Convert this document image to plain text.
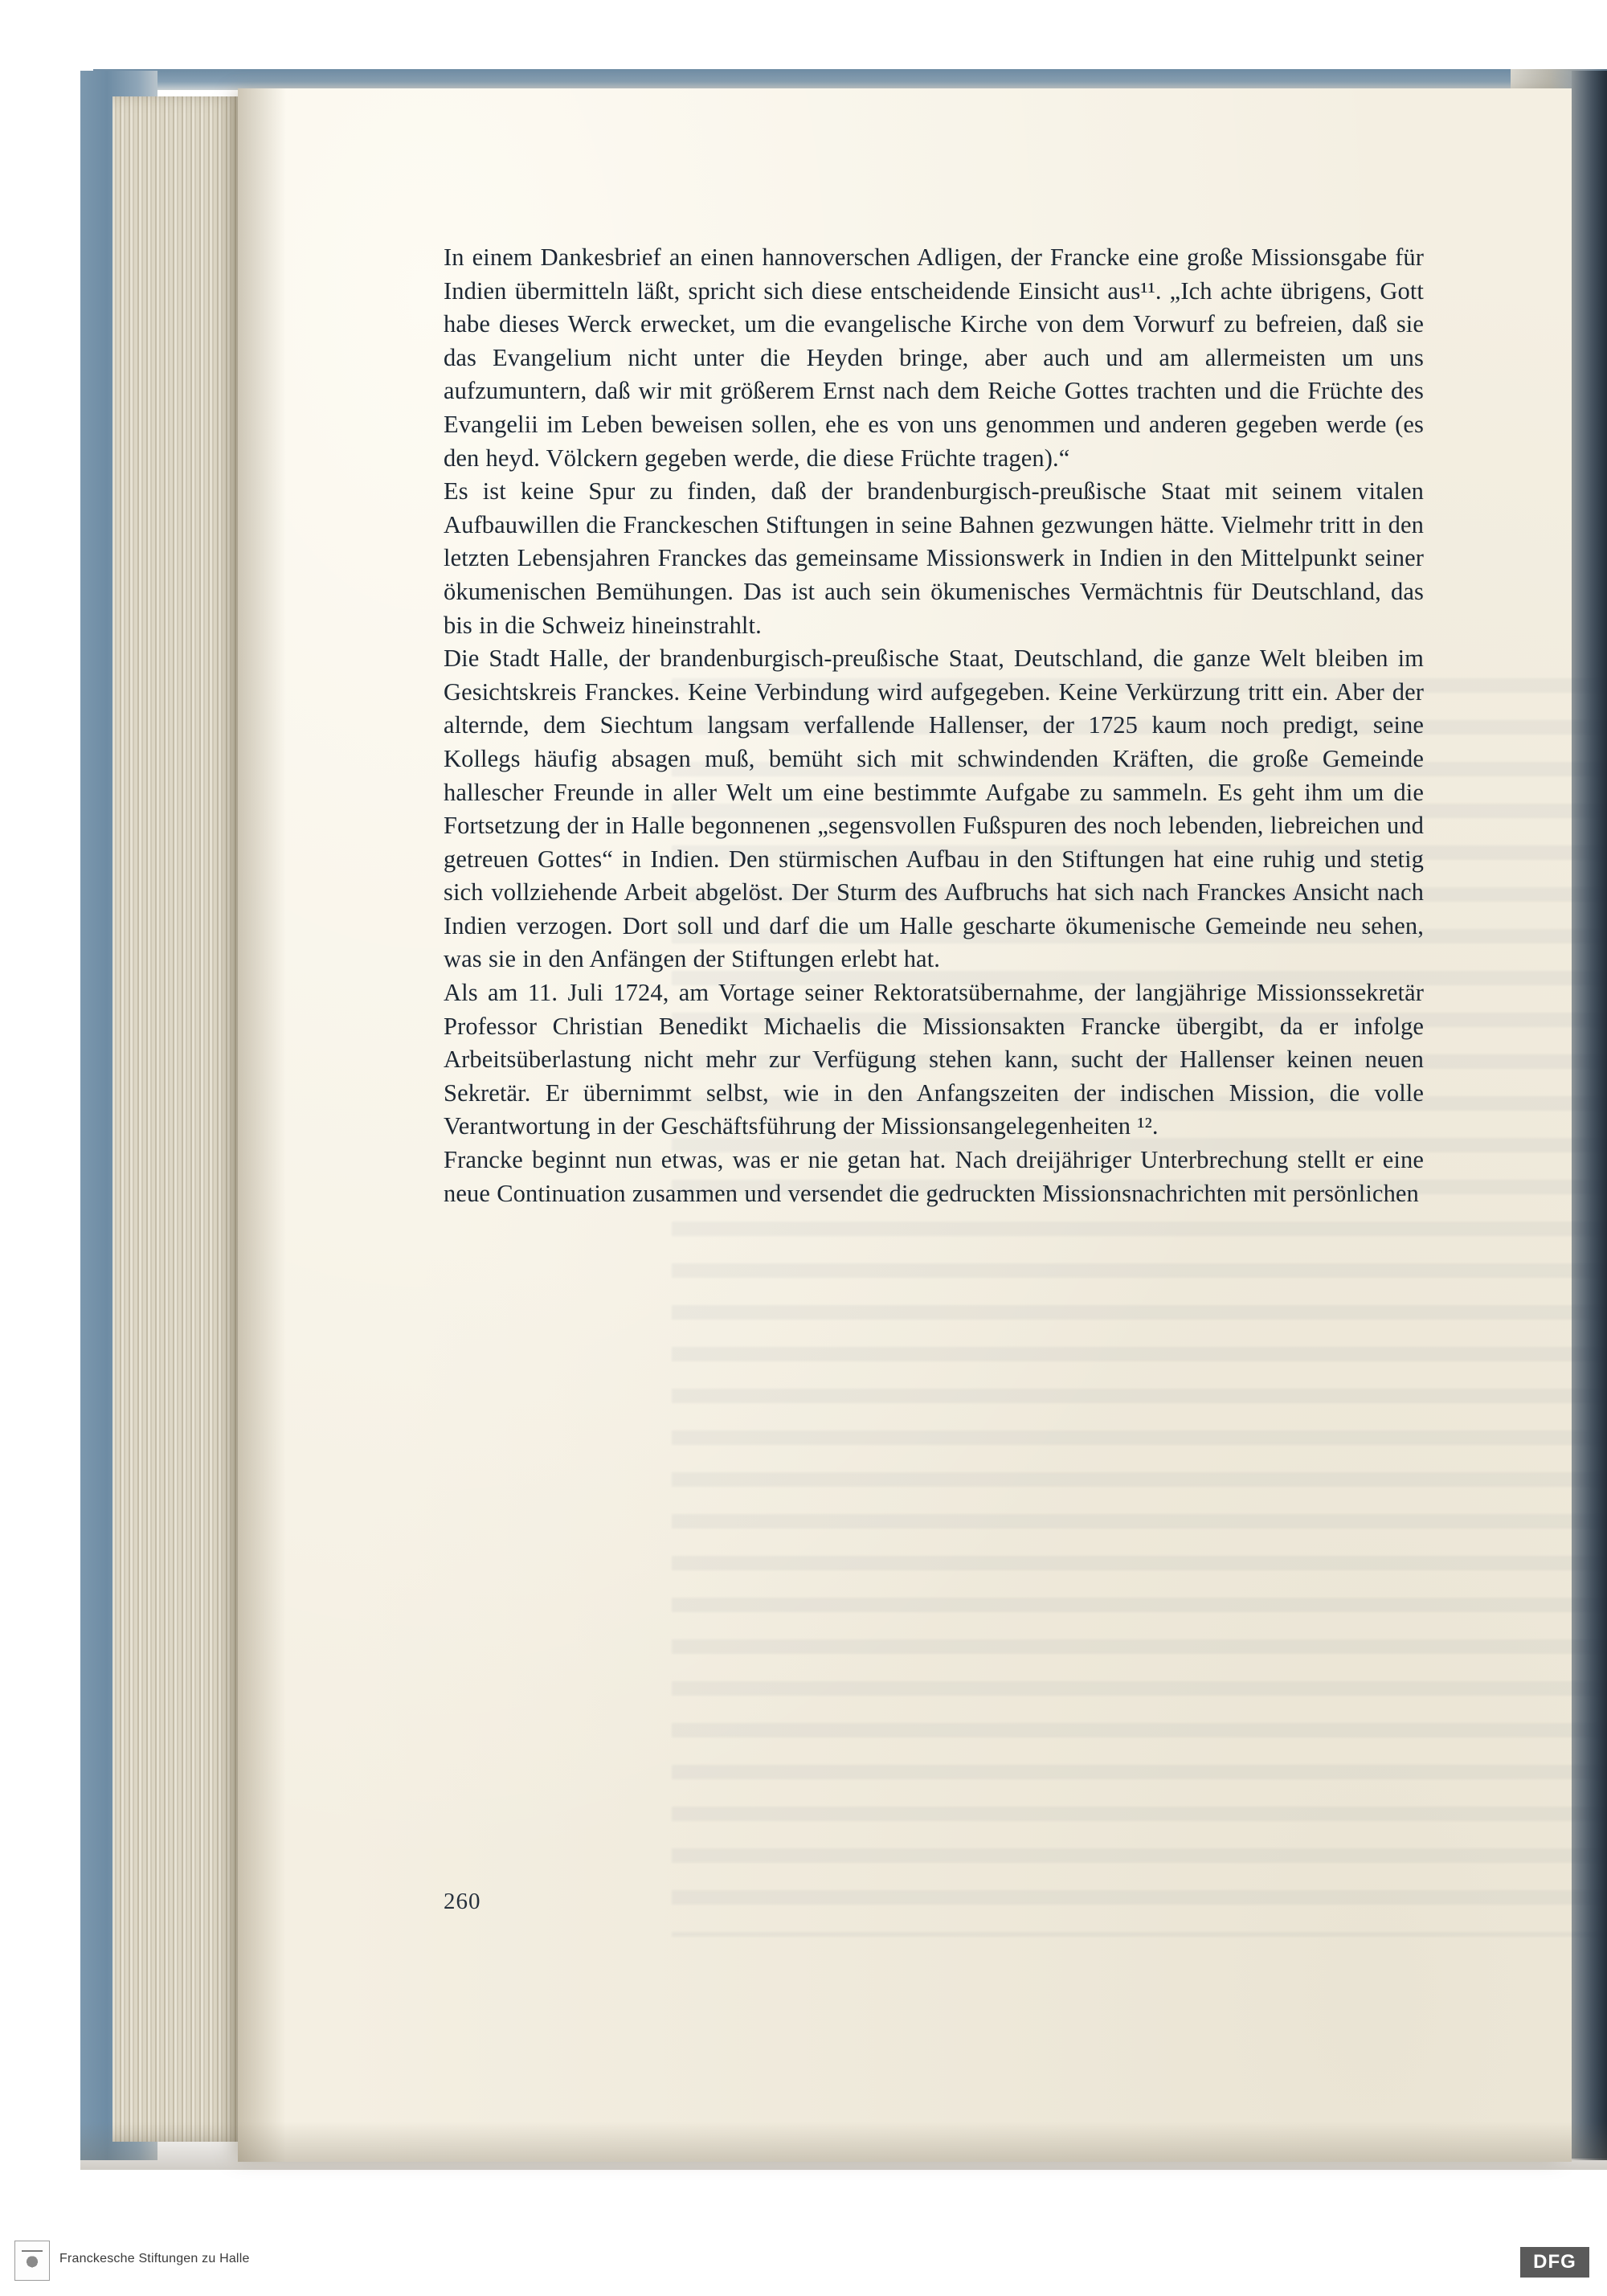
In einem Dankesbrief an einen hannoverschen Adligen, der Francke eine große Missionsgabe für Indien übermitteln läßt, spricht sich diese entscheidende Einsicht aus¹¹. „Ich achte übrigens, Gott habe dieses Werck erwecket, um die evangelische Kirche von dem Vorwurf zu befreien, daß sie das Evangelium nicht unter die Heyden bringe, aber auch und am allermeisten um uns aufzumuntern, daß wir mit größerem Ernst nach dem Reiche Gottes trachten und die Früchte des Evangelii im Leben beweisen sollen, ehe es von uns genommen und anderen gegeben werde (es den heyd. Völckern gegeben werde, die diese Früchte tragen).“

Es ist keine Spur zu finden, daß der brandenburgisch-preußische Staat mit seinem vitalen Aufbauwillen die Franckeschen Stiftungen in seine Bahnen gezwungen hätte. Vielmehr tritt in den letzten Lebensjahren Franckes das gemeinsame Missionswerk in Indien in den Mittelpunkt seiner ökumenischen Bemühungen. Das ist auch sein ökumenisches Vermächtnis für Deutschland, das bis in die Schweiz hineinstrahlt.

Die Stadt Halle, der brandenburgisch-preußische Staat, Deutschland, die ganze Welt bleiben im Gesichtskreis Franckes. Keine Verbindung wird aufgegeben. Keine Verkürzung tritt ein. Aber der alternde, dem Siechtum langsam verfallende Hallenser, der 1725 kaum noch predigt, seine Kollegs häufig absagen muß, bemüht sich mit schwindenden Kräften, die große Gemeinde hallescher Freunde in aller Welt um eine bestimmte Aufgabe zu sammeln. Es geht ihm um die Fortsetzung der in Halle begonnenen „segensvollen Fußspuren des noch lebenden, liebreichen und getreuen Gottes“ in Indien. Den stürmischen Aufbau in den Stiftungen hat eine ruhig und stetig sich vollziehende Arbeit abgelöst. Der Sturm des Aufbruchs hat sich nach Franckes Ansicht nach Indien verzogen. Dort soll und darf die um Halle gescharte ökumenische Gemeinde neu sehen, was sie in den Anfängen der Stiftungen erlebt hat.

Als am 11. Juli 1724, am Vortage seiner Rektoratsübernahme, der langjährige Missionssekretär Professor Christian Benedikt Michaelis die Missionsakten Francke übergibt, da er infolge Arbeitsüberlastung nicht mehr zur Verfügung stehen kann, sucht der Hallenser keinen neuen Sekretär. Er übernimmt selbst, wie in den Anfangszeiten der indischen Mission, die volle Verantwortung in der Geschäftsführung der Missionsangelegenheiten ¹².

Francke beginnt nun etwas, was er nie getan hat. Nach dreijähriger Unterbrechung stellt er eine neue Continuation zusammen und versendet die gedruckten Missionsnachrichten mit persönlichen

260
Franckesche Stiftungen zu Halle	DFG
